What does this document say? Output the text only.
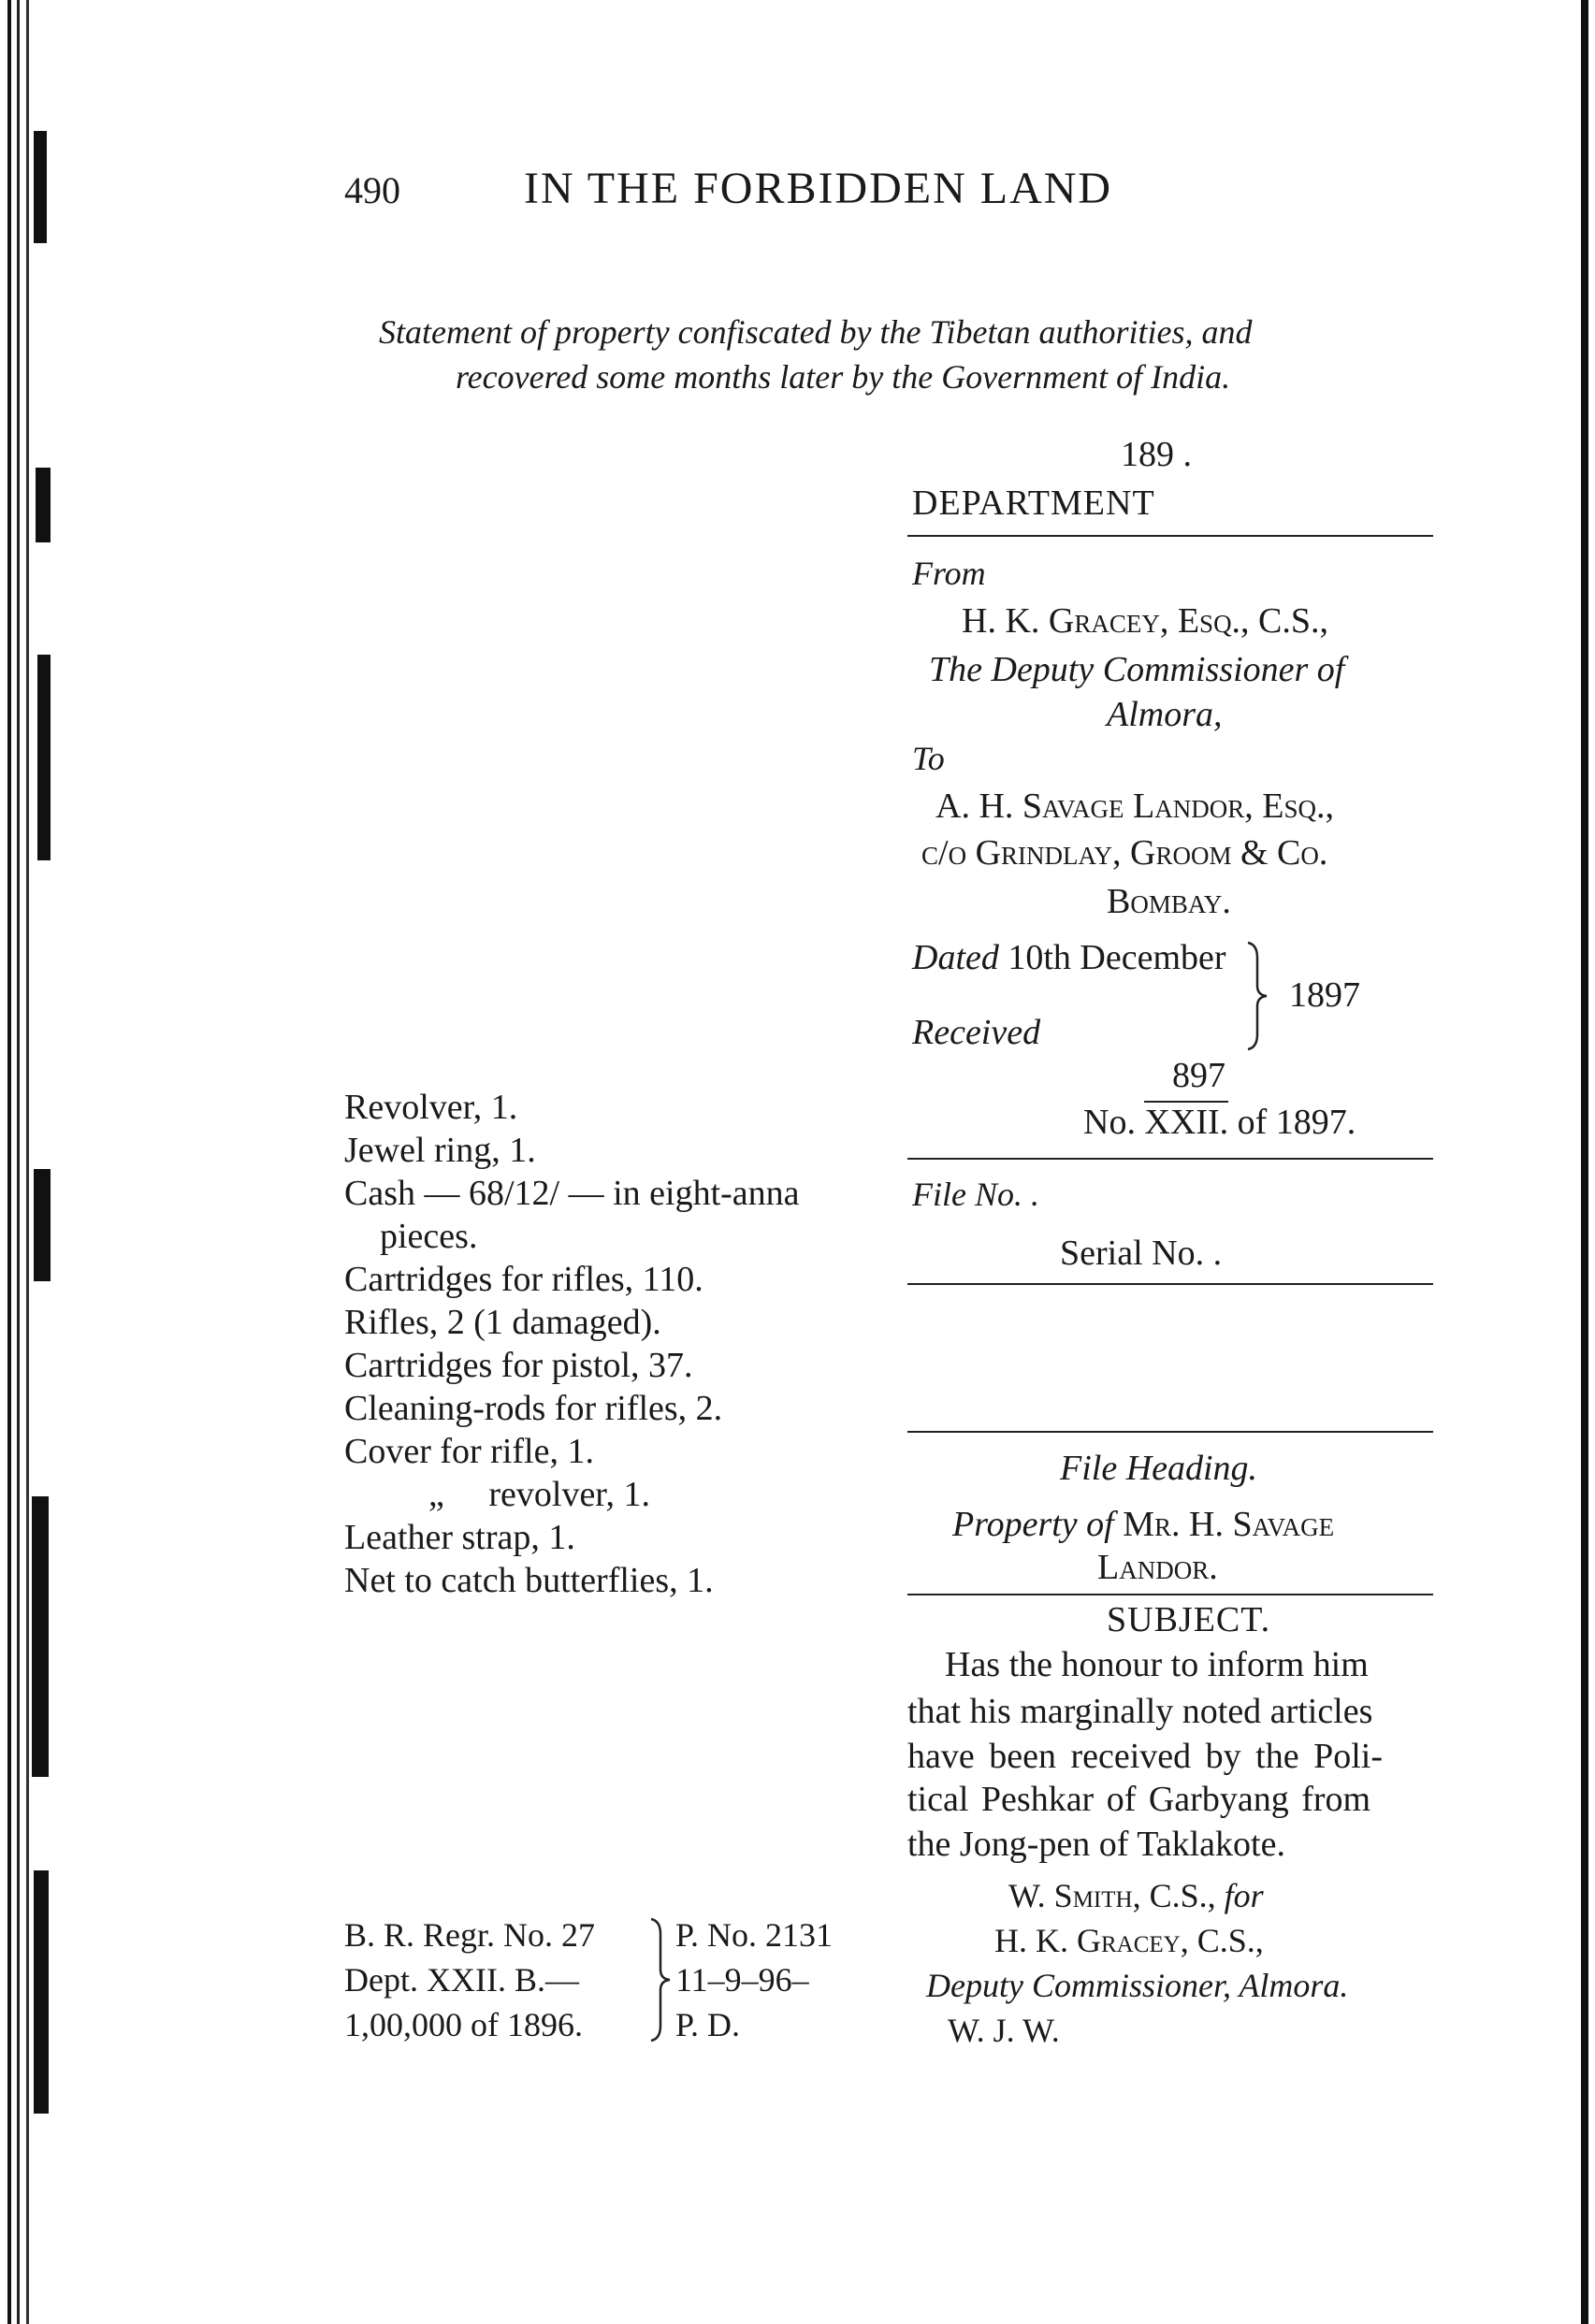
490	IN THE FORBIDDEN LAND
Statement of property confiscated by the Tibetan authorities, and
recovered some months later by the Government of India.
189 .
DEPARTMENT
From
H. K. Gracey, Esq., C.S.,
The Deputy Commissioner of
Almora,
To
A. H. Savage Landor, Esq.,
c/o Grindlay, Groom & Co.
Bombay.
Dated 10th December
Received
1897
897
No. XXII. of 1897.
File No. .
Serial No. .
File Heading.
Property of Mr. H. Savage
Landor.
SUBJECT.
Has the honour to inform him
that his marginally noted articles
have been received by the Poli-
tical Peshkar of Garbyang from
the Jong-pen of Taklakote.
W. Smith, C.S., for
H. K. Gracey, C.S.,
Deputy Commissioner, Almora.
W. J. W.
Revolver, 1.
Jewel ring, 1.
Cash — 68/12/ — in eight-anna
pieces.
Cartridges for rifles, 110.
Rifles, 2 (1 damaged).
Cartridges for pistol, 37.
Cleaning-rods for rifles, 2.
Cover for rifle, 1.
„     revolver, 1.
Leather strap, 1.
Net to catch butterflies, 1.
B. R. Regr. No. 27
Dept. XXII. B.—
1,00,000 of 1896.
P. No. 2131
11–9–96–
P. D.
